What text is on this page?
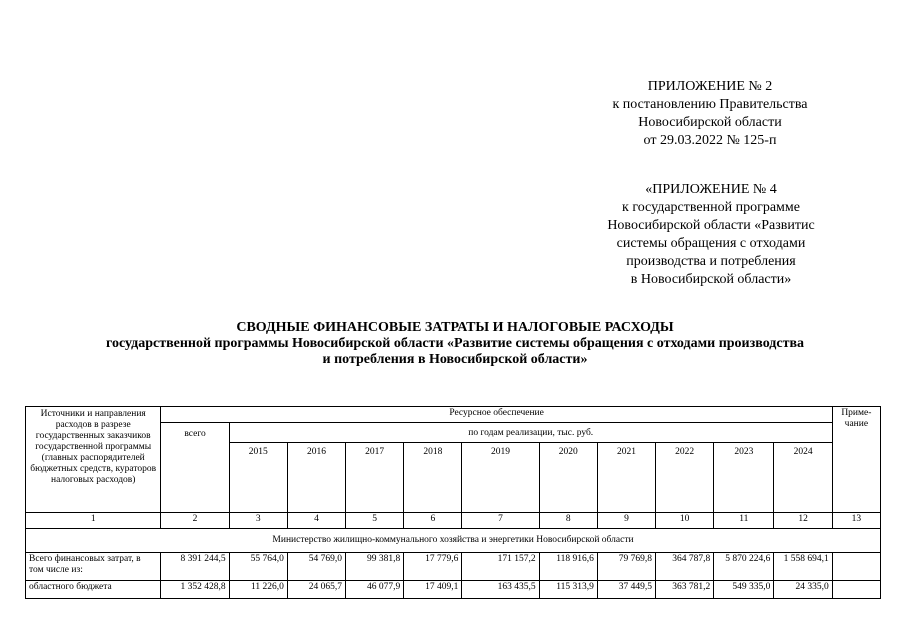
ПРИЛОЖЕНИЕ № 2
к постановлению Правительства
Новосибирской области
от 29.03.2022 № 125-п
«ПРИЛОЖЕНИЕ № 4
к государственной программе
Новосибирской области «Развитис
системы обращения с отходами
производства и потребления
в Новосибирской области»
СВОДНЫЕ ФИНАНСОВЫЕ ЗАТРАТЫ И НАЛОГОВЫЕ РАСХОДЫ
государственной программы Новосибирской области «Развитие системы обращения с отходами производства
и потребления в Новосибирской области»
Источники и направления расходов в разрезе государственных заказчиков государственной программы (главных распорядителей бюджетных средств, кураторов налоговых расходов)	Ресурсное обеспечение											Приме-чание
	всего	по годам реализации, тыс. руб.										
		2015	2016	2017	2018	2019	2020	2021	2022	2023	2024	
1	2	3	4	5	6	7	8	9	10	11	12	13
Министерство жилищно-коммунального хозяйства и энергетики Новосибирской области												
Всего финансовых затрат, в том числе из:	8 391 244,5	55 764,0	54 769,0	99 381,8	17 779,6	171 157,2	118 916,6	79 769,8	364 787,8	5 870 224,6	1 558 694,1	
областного бюджета	1 352 428,8	11 226,0	24 065,7	46 077,9	17 409,1	163 435,5	115 313,9	37 449,5	363 781,2	549 335,0	24 335,0	
